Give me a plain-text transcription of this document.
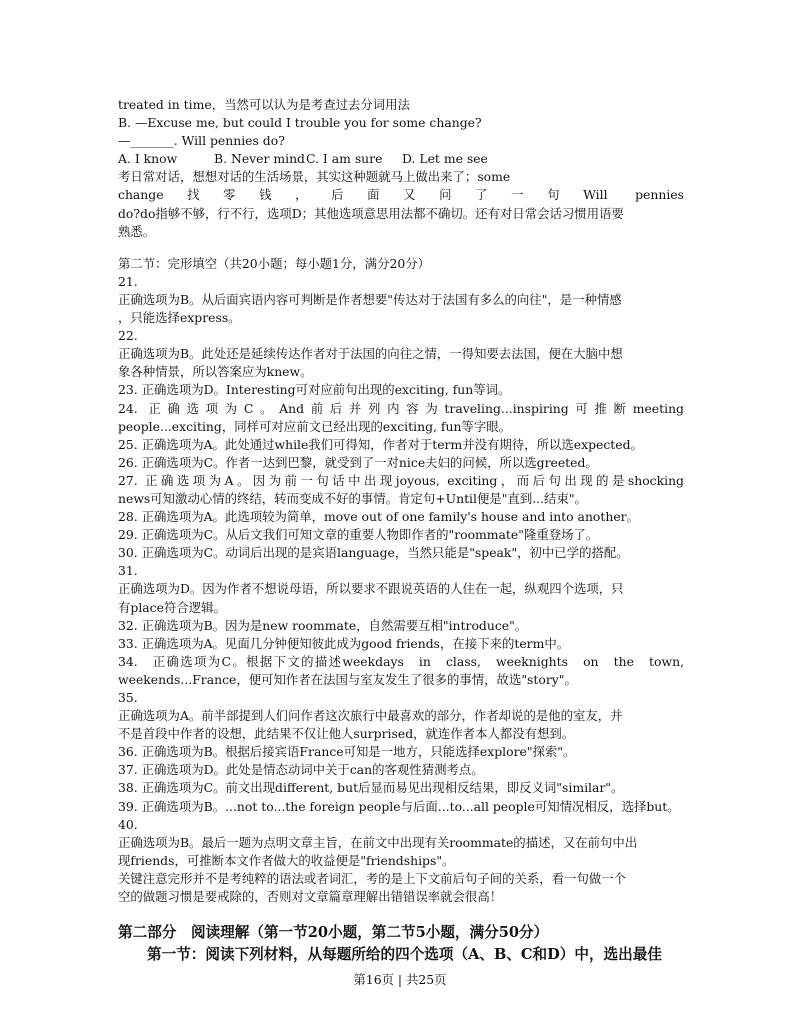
treated in time，当然可以认为是考查过去分词用法

B. —Excuse me, but could I trouble you for some change?

—_______. Will pennies do?

A. I know	B. Never mindC. I am sure D. Let me see

考日常对话，想想对话的生活场景，其实这种题就马上做出来了；some

change找零钱，后面又问了一句Will pennies

do?do指够不够，行不行，选项D；其他选项意思用法都不确切。还有对日常会话习惯用语要

熟悉。

第二节：完形填空（共20小题；每小题1分，满分20分）

21.

正确选项为B。从后面宾语内容可判断是作者想要"传达对于法国有多么的向往"，是一种情感

，只能选择express。

22.

正确选项为B。此处还是延续传达作者对于法国的向往之情，一得知要去法国，便在大脑中想

象各种情景，所以答案应为knew。

23. 正确选项为D。Interesting可对应前句出现的exciting, fun等词。

24. 正确选项为C。And前后并列内容为traveling...inspiring可推断meeting

people...exciting，同样可对应前文已经出现的exciting, fun等字眼。

25. 正确选项为A。此处通过while我们可得知，作者对于term并没有期待，所以选expected。

26. 正确选项为C。作者一达到巴黎，就受到了一对nice夫妇的问候，所以选greeted。

27. 正确选项为A。因为前一句话中出现joyous, exciting，而后句出现的是shocking

news可知激动心情的终结，转而变成不好的事情。肯定句+Until便是"直到...结束"。

28. 正确选项为A。此选项较为简单，move out of one family's house and into another。

29. 正确选项为C。从后文我们可知文章的重要人物即作者的"roommate"隆重登场了。

30. 正确选项为C。动词后出现的是宾语language，当然只能是"speak"，初中已学的搭配。

31.

正确选项为D。因为作者不想说母语，所以要求不跟说英语的人住在一起，纵观四个选项，只

有place符合逻辑。

32. 正确选项为B。因为是new roommate，自然需要互相"introduce"。

33. 正确选项为A。见面几分钟便知彼此成为good friends，在接下来的term中。

34.　正确选项为C。根据下文的描述weekdays　in　class,　weeknights　on　the　town,

weekends...France，便可知作者在法国与室友发生了很多的事情，故选"story"。

35.

正确选项为A。前半部提到人们问作者这次旅行中最喜欢的部分，作者却说的是他的室友，并

不是首段中作者的设想，此结果不仅让他人surprised，就连作者本人都没有想到。

36. 正确选项为B。根据后接宾语France可知是一地方，只能选择explore"探索"。

37. 正确选项为D。此处是情态动词中关于can的客观性猜测考点。

38. 正确选项为C。前文出现different, but后显而易见出现相反结果，即反义词"similar"。

39. 正确选项为B。...not to...the foreign people与后面...to...all people可知情况相反，选择but。

40.

正确选项为B。最后一题为点明文章主旨，在前文中出现有关roommate的描述，又在前句中出

现friends，可推断本文作者做大的收益便是"friendships"。

关键注意完形并不是考纯粹的语法或者词汇，考的是上下文前后句子间的关系，看一句做一个

空的做题习惯是要戒除的，否则对文章篇章理解出错错误率就会很高！

第二部分　阅读理解（第一节20小题，第二节5小题，满分50分）

第一节：阅读下列材料，从每题所给的四个选项（A、B、C和D）中，选出最佳

第16页 | 共25页
